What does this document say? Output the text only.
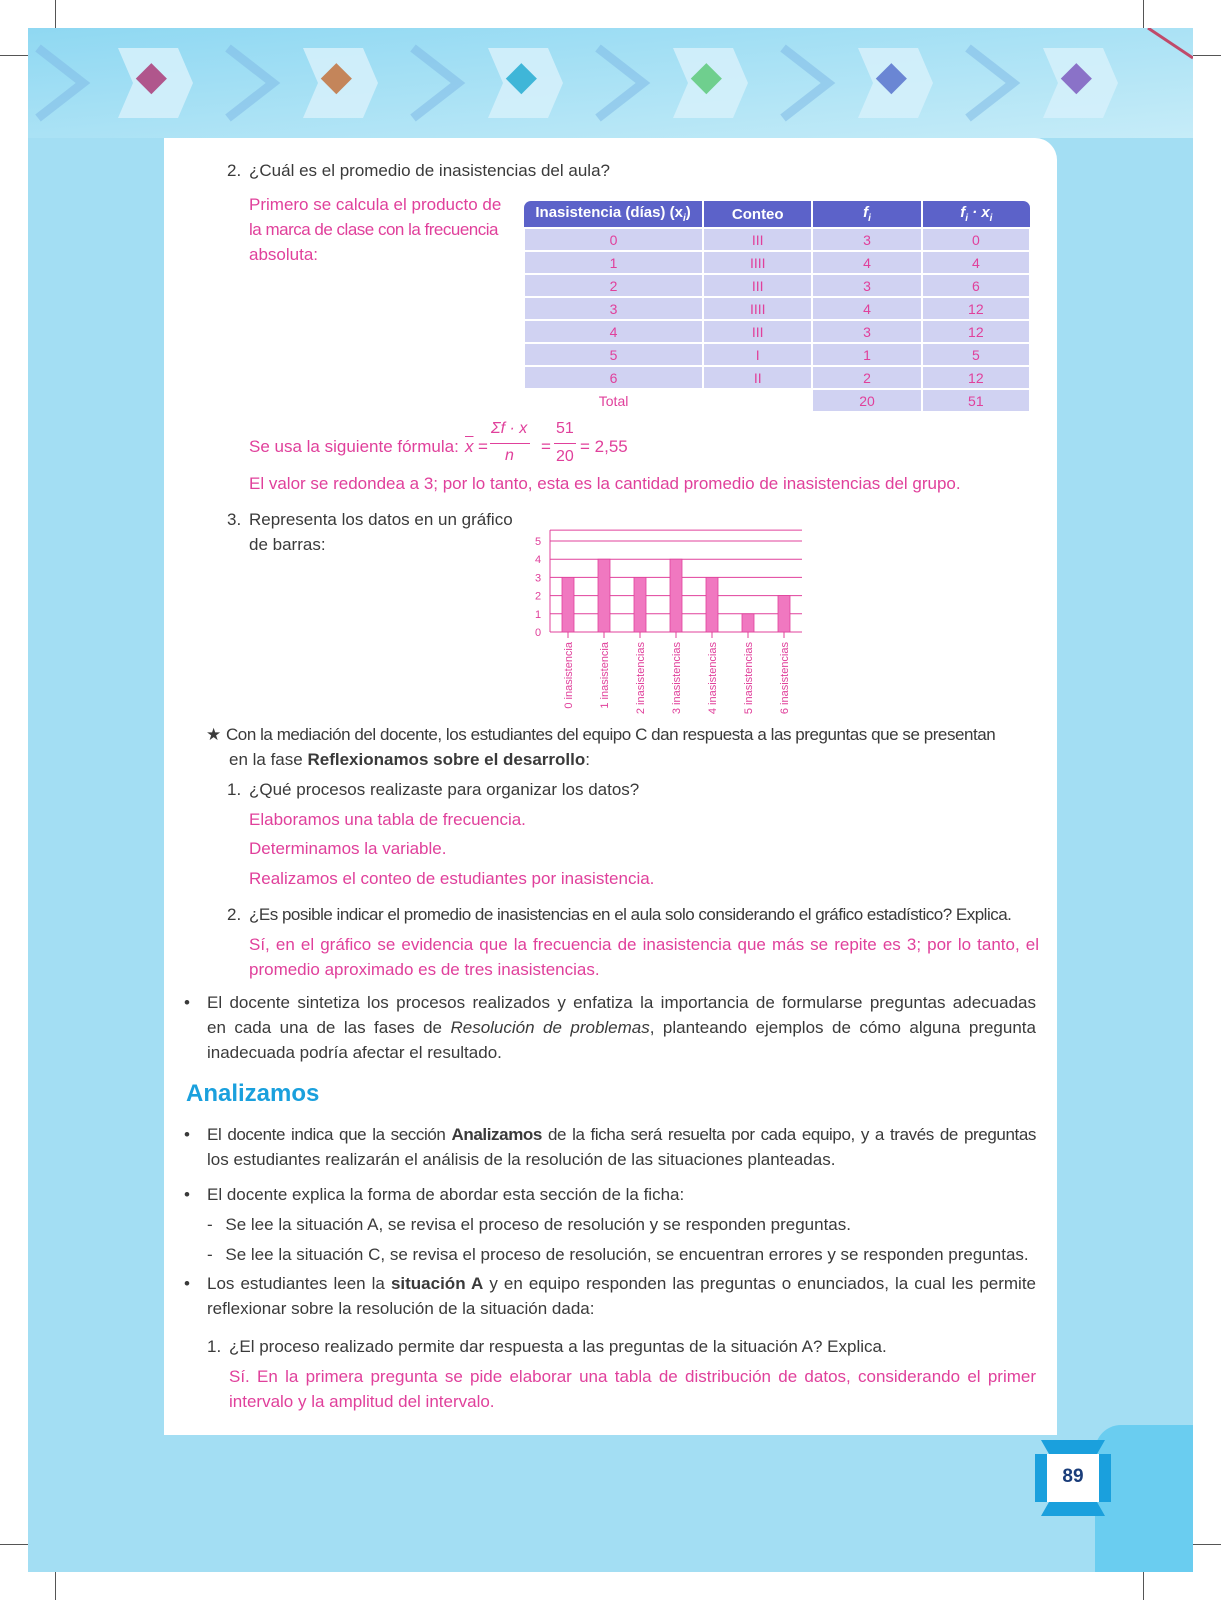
2. ¿Cuál es el promedio de inasistencias del aula?
Primero se calcula el producto de
la marca de clase con la frecuencia
absoluta:
Inasistencia (días) $(x_i)$	Conteo	$f_i$	$f_i \cdot x_i$
0	III	3	0
1	IIII	4	4
2	III	3	6
3	IIII	4	12
4	III	3	12
5	I	1	5
6	II	2	12
Total		20	51
Se usa la siguiente fórmula: $\overline{x}$ =
Σf · x
n =
51
20
= 2,55
El valor se redondea a 3; por lo tanto, esta es la cantidad promedio de inasistencias del grupo.
3. Represent​a los datos en un gráfico
de barras:
0
1
2
3
4
5
0 inasistencia 1 inasistencia 2 inasistencias 3 inasistencias 4 inasistencias 5 inasistencias 6 inasistencias
★ Con la mediación del docente, los estudiantes del equipo C dan respuesta a las preguntas que se presentan
en la fase Reflexionamos sobre el desarrollo:
1. ¿Qué procesos realizaste para organizar los datos?
Elaboramos una tabla de frecuencia.
Determinamos la variable.
Realizamos el conteo de estudiantes por inasistencia.
2. ¿Es posible indicar el promedio de inasistencias en el aula solo considerando el gráfico estadístico? Explica.
Sí, en el gráfico se evidencia que la frecuencia de inasistencia que más se repite es 3; por lo tanto, el
promedio aproximado es de tres inasistencias.
• El docente sintetiza los procesos realizados y enfatiza la importancia de formularse preguntas adecuadas
en cada una de las fases de Resolución de problemas, planteando ejemplos de cómo alguna pregunta
inadecuada podría afectar el resultado.
Analizamos
• El docente indica que la sección Analizamos de la ficha será resuelta por cada equipo, y a través de preguntas
los estudiantes realizarán el análisis de la resolución de las situaciones planteadas.
• El docente explica la forma de abordar esta sección de la ficha:
- Se lee la situación A, se revisa el proceso de resolución y se responden preguntas.
- Se lee la situación C, se revisa el proceso de resolución, se encuentran errores y se responden preguntas.
• Los estudiantes leen la situación A y en equipo responden las preguntas o enunciados, la cual les permite
reflexionar sobre la resolución de la situación dada:
1. ¿El proceso realizado permite dar respuesta a las preguntas de la situación A? Explica.
Sí. En la primera pregunta se pide elaborar una tabla de distribución de datos, considerando el primer
intervalo y la amplitud del intervalo.
89
